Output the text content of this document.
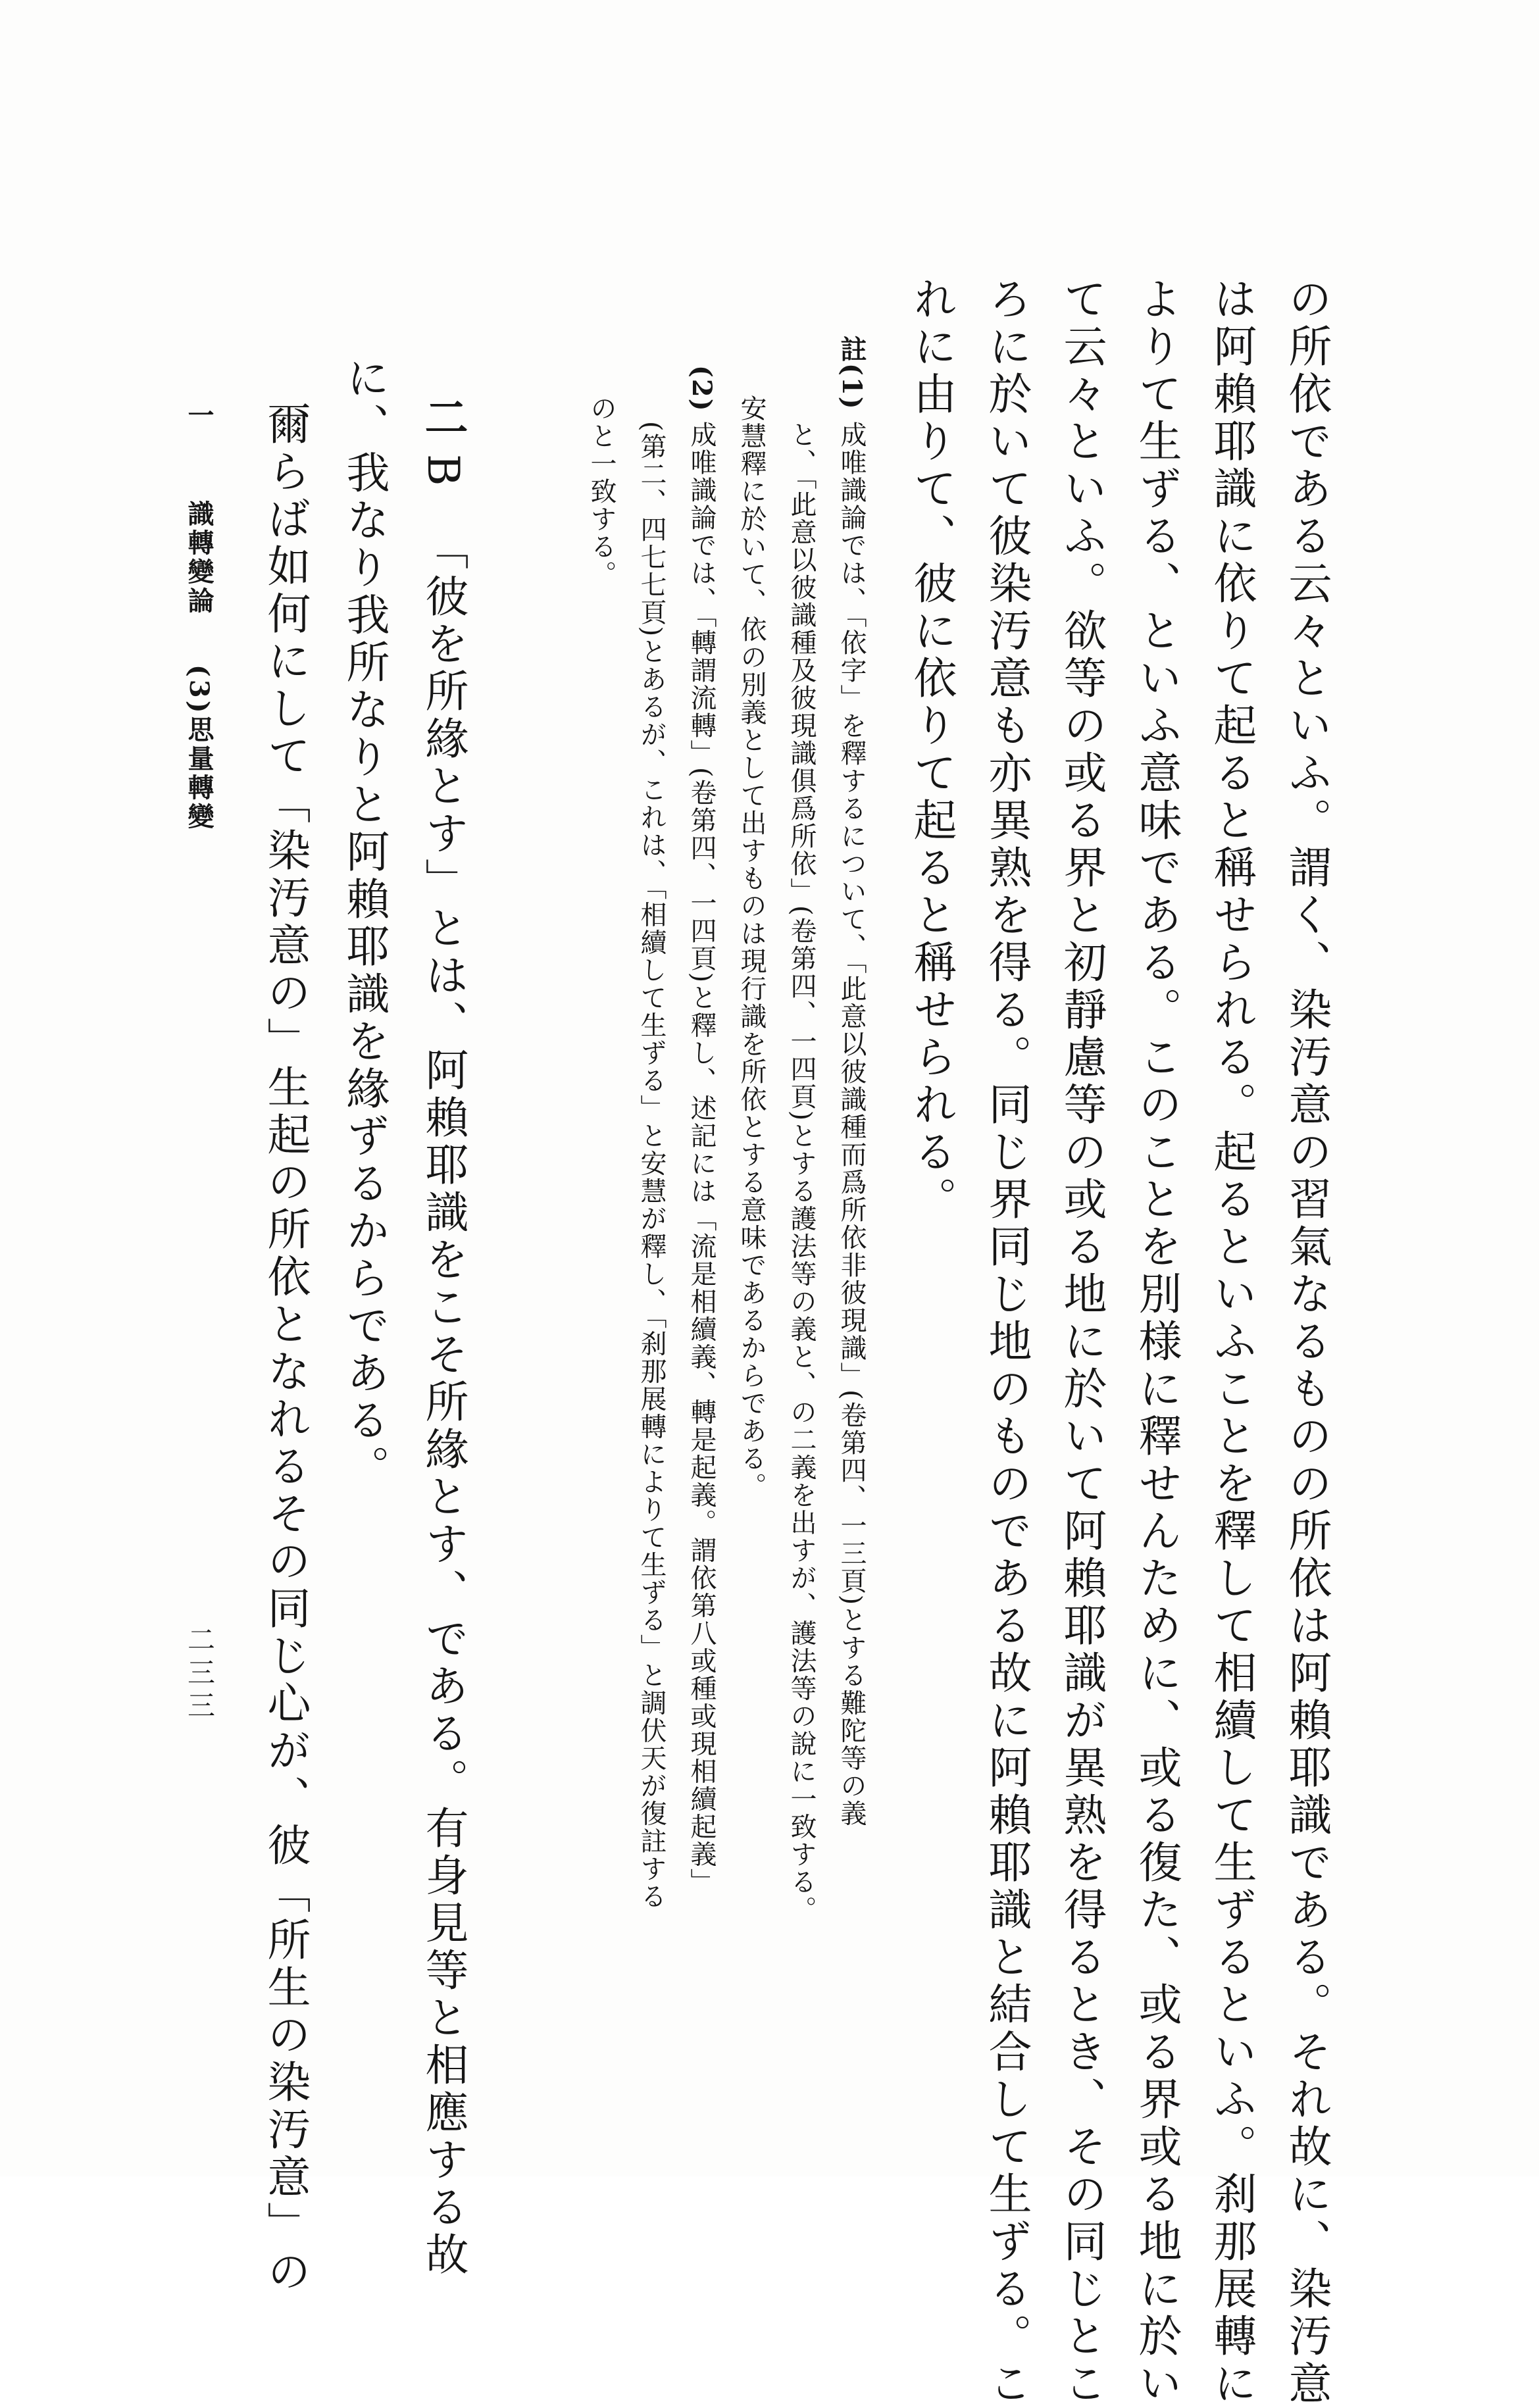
の所依である云々といふ。謂く、染汚意の習氣なるものの所依は阿賴耶識である。それ故に、染汚意
は阿賴耶識に依りて起ると稱せられる。起るといふことを釋して相續して生ずるといふ。刹那展轉に
よりて生ずる、といふ意味である。このことを別様に釋せんために、或る復た、或る界或る地に於い
て云々といふ。欲等の或る界と初靜慮等の或る地に於いて阿賴耶識が異熟を得るとき、その同じとこ
ろに於いて彼染汚意も亦異熟を得る。同じ界同じ地のものである故に阿賴耶識と結合して生ずる。こ
れに由りて、彼に依りて起ると稱せられる。
註(1)
成唯識論では、「依字」を釋するについて、「此意以彼識種而爲所依非彼現識」(卷第四、一三頁)とする難陀等の義
と、「此意以彼識種及彼現識俱爲所依」(卷第四、一四頁)とする護法等の義と、の二義を出すが、護法等の說に一致する。
安慧釋に於いて、依の別義として出すものは現行識を所依とする意味であるからである。
(2)
成唯識論では、「轉謂流轉」(卷第四、一四頁)と釋し、述記には「流是相續義、轉是起義。謂依第八或種或現相續起義」
(第二、四七七頁)とあるが、これは、「相續して生ずる」と安慧が釋し、「刹那展轉によりて生ずる」と調伏天が復註する
のと一致する。
二
B
「彼を所緣とす」とは、阿賴耶識をこそ所緣とす、である。有身見等と相應する故
に、我なり我所なりと阿賴耶識を緣ずるからである。
爾らば如何にして「染汚意の」生起の所依となれるその同じ心が、彼「所生の染汚意」の
一
識轉變論
(3)思量轉變
二三三
